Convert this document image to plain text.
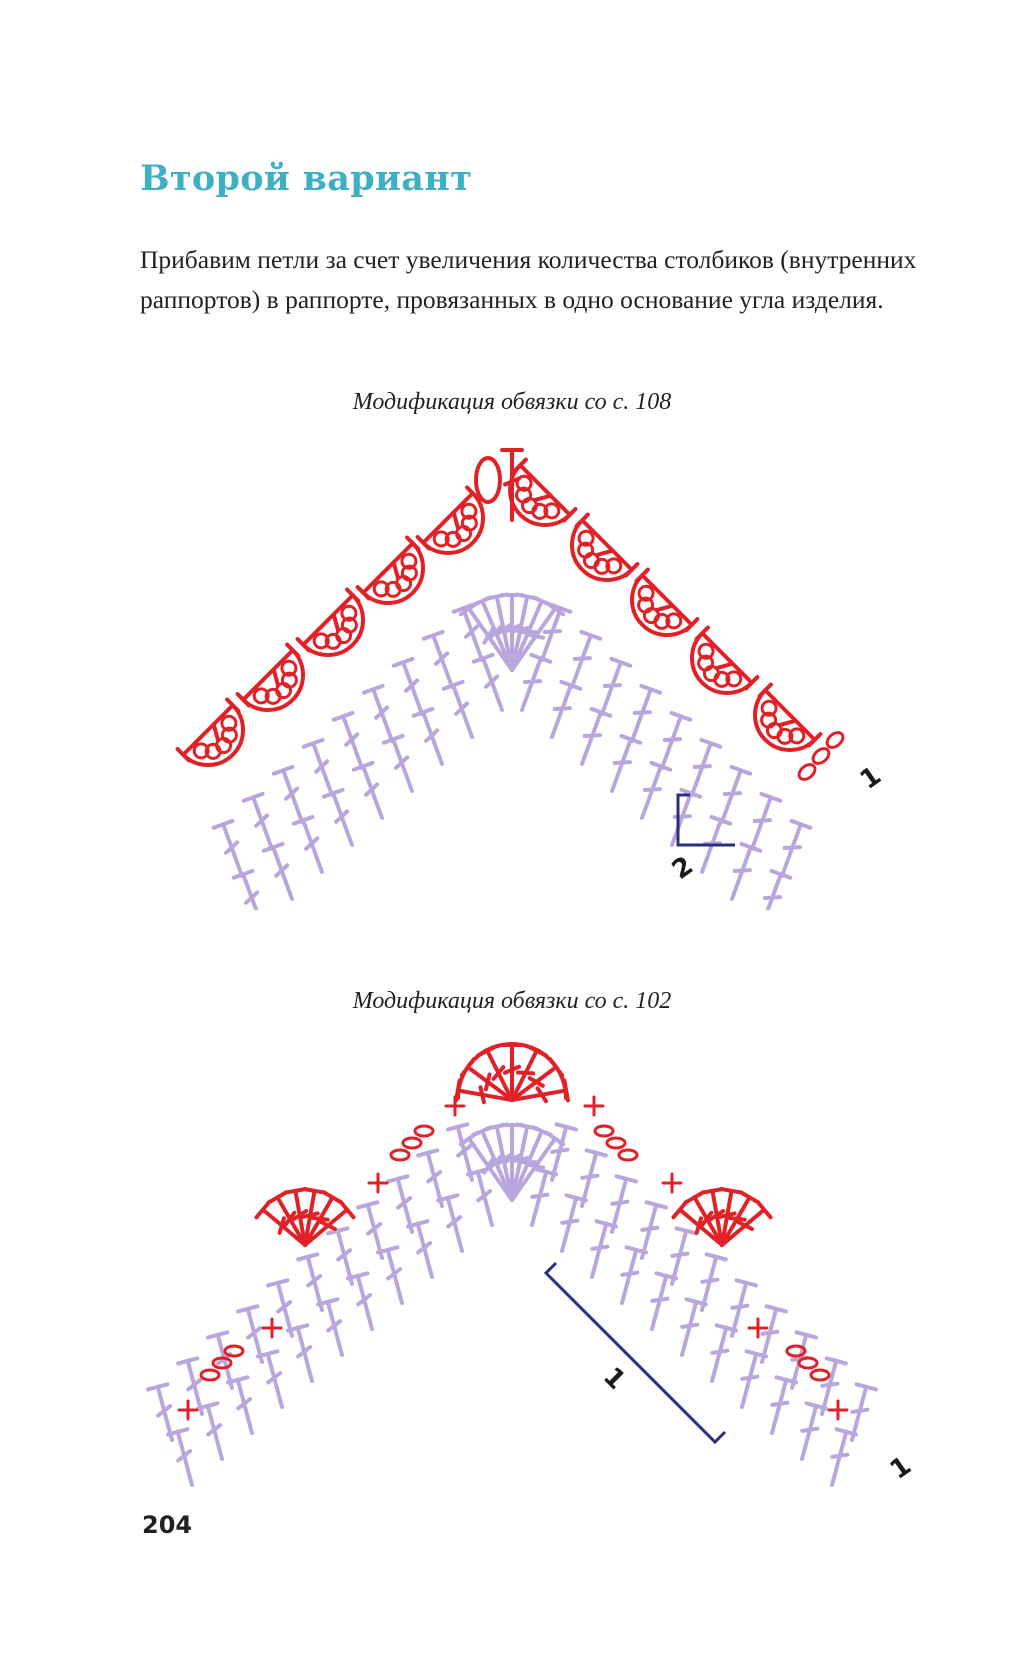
Второй вариант

Прибавим петли за счет увеличения количества столбиков (внутренних раппортов) в раппорте, провязанных в одно основание угла изделия.

Модификация обвязки со с. 108
1
2
Модификация обвязки со с. 102
1
1
204
